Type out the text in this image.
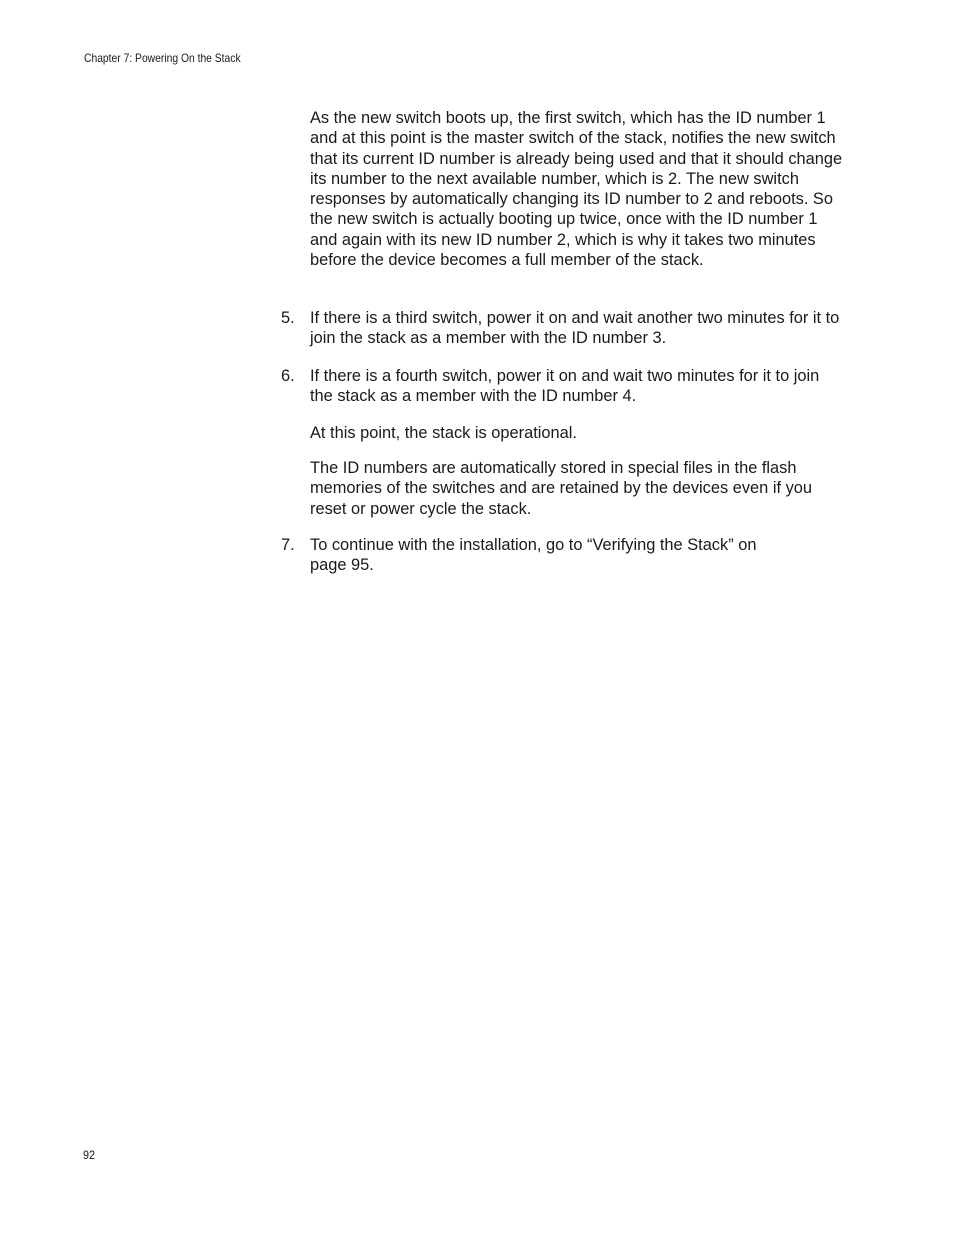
Chapter 7: Powering On the Stack

As the new switch boots up, the first switch, which has the ID number 1 and at this point is the master switch of the stack, notifies the new switch that its current ID number is already being used and that it should change its number to the next available number, which is 2. The new switch responses by automatically changing its ID number to 2 and reboots. So the new switch is actually booting up twice, once with the ID number 1 and again with its new ID number 2, which is why it takes two minutes before the device becomes a full member of the stack.

5. If there is a third switch, power it on and wait another two minutes for it to join the stack as a member with the ID number 3.

6. If there is a fourth switch, power it on and wait two minutes for it to join the stack as a member with the ID number 4.

At this point, the stack is operational.

The ID numbers are automatically stored in special files in the flash memories of the switches and are retained by the devices even if you reset or power cycle the stack.

7. To continue with the installation, go to “Verifying the Stack” on page 95.

92
